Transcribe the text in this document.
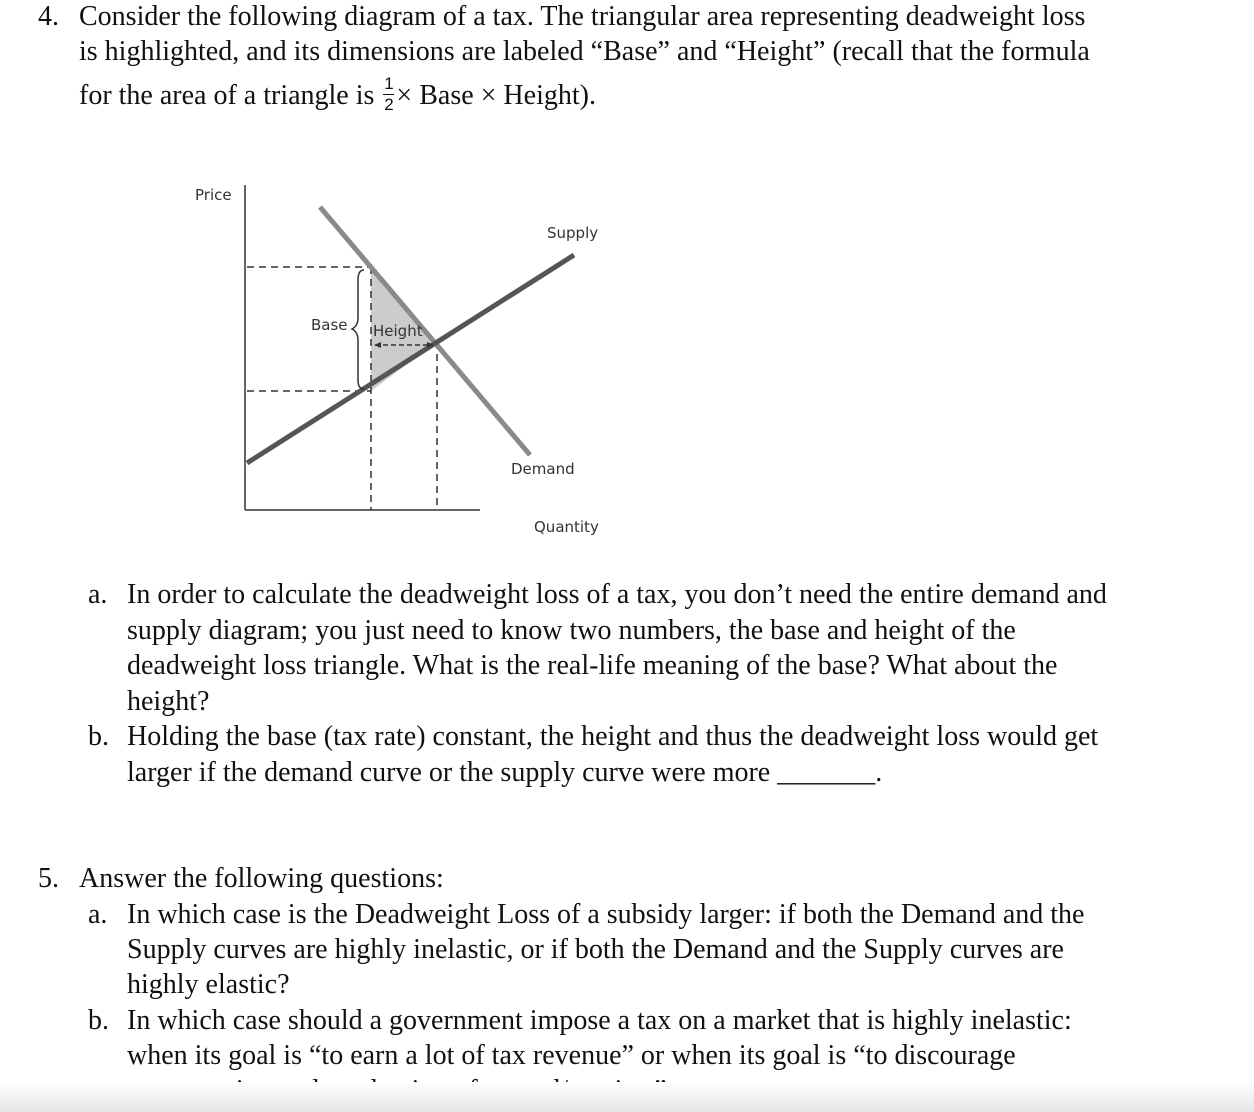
4. Consider the following diagram of a tax. The triangular area representing deadweight loss
is highlighted, and its dimensions are labeled “Base” and “Height” (recall that the formula
for the area of a triangle is $\frac{1}{2}$ × Base × Height).
Price
Quantity
Supply
Demand
Base Height
a. In order to calculate the deadweight loss of a tax, you don’t need the entire demand and
supply diagram; you just need to know two numbers, the base and height of the
deadweight loss triangle. What is the real-life meaning of the base? What about the
height?
b. Holding the base (tax rate) constant, the height and thus the deadweight loss would get
larger if the demand curve or the supply curve were more _______.
5. Answer the following questions:
a. In which case is the Deadweight Loss of a subsidy larger: if both the Demand and the
Supply curves are highly inelastic, or if both the Demand and the Supply curves are
highly elastic?
b. In which case should a government impose a tax on a market that is highly inelastic:
when its goal is “to earn a lot of tax revenue” or when its goal is “to discourage
